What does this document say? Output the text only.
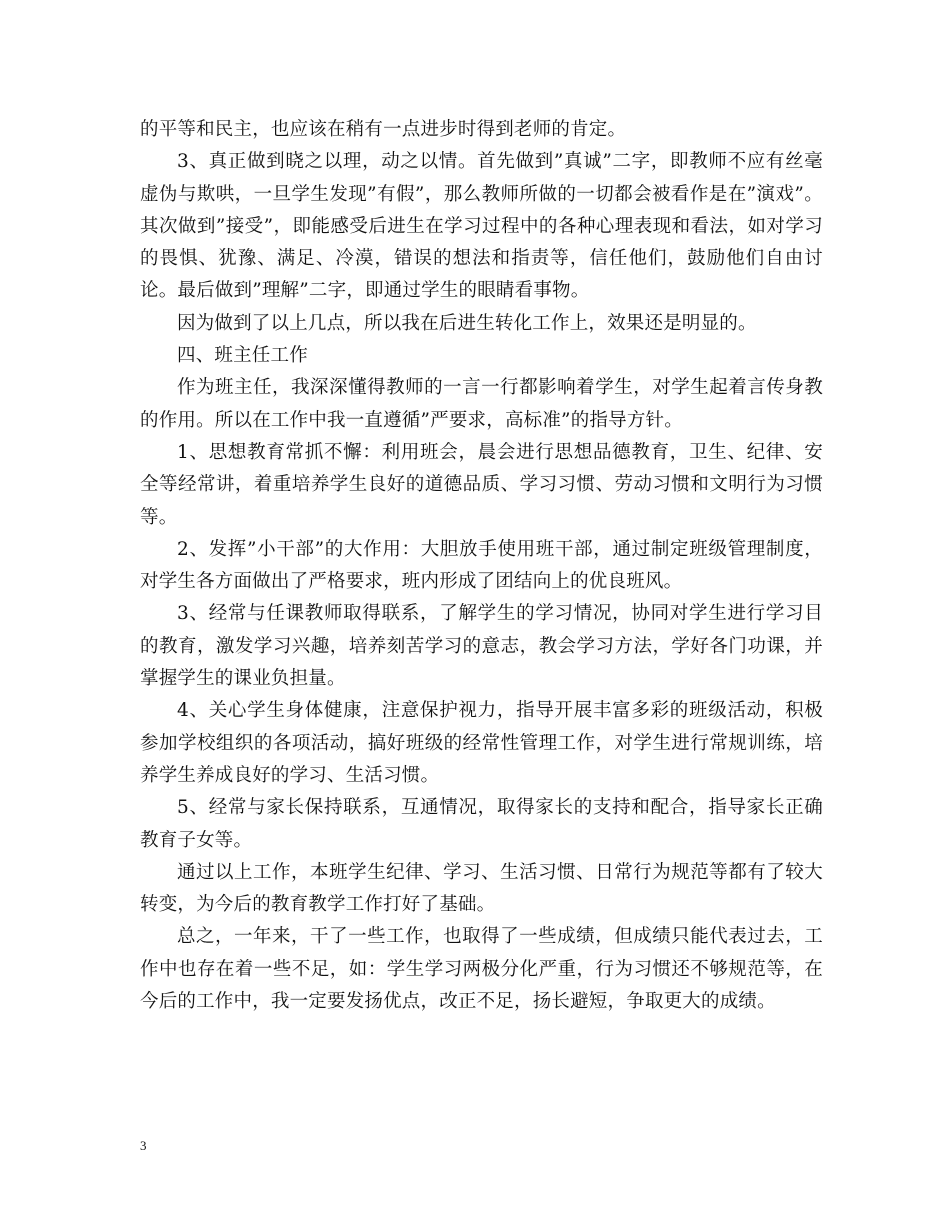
的平等和民主，也应该在稍有一点进步时得到老师的肯定。

3、真正做到晓之以理，动之以情。首先做到”真诚”二字，即教师不应有丝毫虚伪与欺哄，一旦学生发现”有假”，那么教师所做的一切都会被看作是在”演戏”。其次做到”接受”，即能感受后进生在学习过程中的各种心理表现和看法，如对学习的畏惧、犹豫、满足、冷漠，错误的想法和指责等，信任他们，鼓励他们自由讨论。最后做到”理解”二字，即通过学生的眼睛看事物。

因为做到了以上几点，所以我在后进生转化工作上，效果还是明显的。

四、班主任工作

作为班主任，我深深懂得教师的一言一行都影响着学生，对学生起着言传身教的作用。所以在工作中我一直遵循”严要求，高标准”的指导方针。

1、思想教育常抓不懈：利用班会，晨会进行思想品德教育，卫生、纪律、安全等经常讲，着重培养学生良好的道德品质、学习习惯、劳动习惯和文明行为习惯等。

2、发挥”小干部”的大作用：大胆放手使用班干部，通过制定班级管理制度，对学生各方面做出了严格要求，班内形成了团结向上的优良班风。

3、经常与任课教师取得联系，了解学生的学习情况，协同对学生进行学习目的教育，激发学习兴趣，培养刻苦学习的意志，教会学习方法，学好各门功课，并掌握学生的课业负担量。

4、关心学生身体健康，注意保护视力，指导开展丰富多彩的班级活动，积极参加学校组织的各项活动，搞好班级的经常性管理工作，对学生进行常规训练，培养学生养成良好的学习、生活习惯。

5、经常与家长保持联系，互通情况，取得家长的支持和配合，指导家长正确教育子女等。

通过以上工作，本班学生纪律、学习、生活习惯、日常行为规范等都有了较大转变，为今后的教育教学工作打好了基础。

总之，一年来，干了一些工作，也取得了一些成绩，但成绩只能代表过去，工作中也存在着一些不足，如：学生学习两极分化严重，行为习惯还不够规范等，在今后的工作中，我一定要发扬优点，改正不足，扬长避短，争取更大的成绩。

3
